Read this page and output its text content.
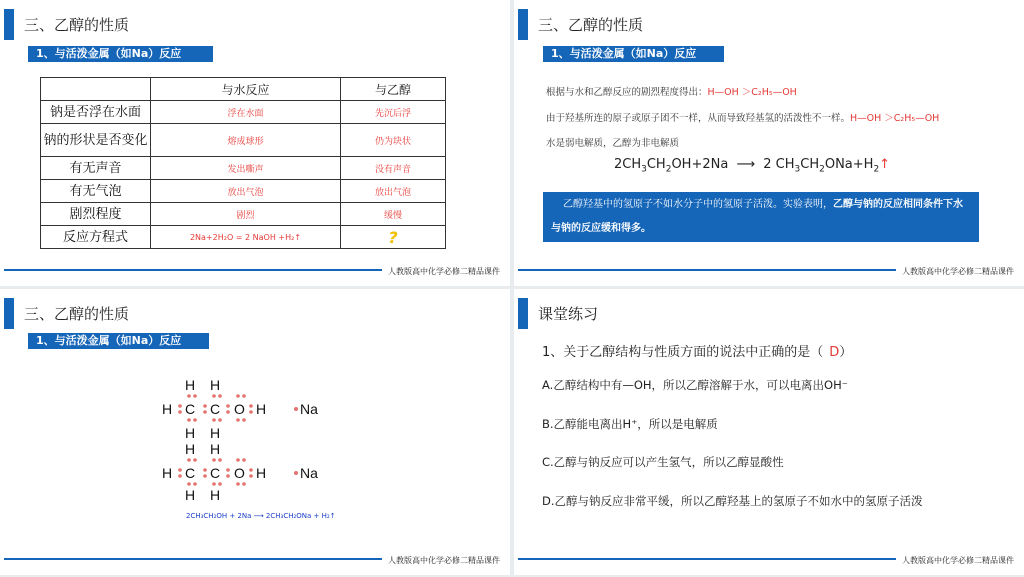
三、乙醇的性质
1、与活泼金属（如Na）反应
	与水反应	与乙醇
钠是否浮在水面	浮在水面	先沉后浮
钠的形状是否变化	熔成球形	仍为块状
有无声音	发出嘶声	没有声音
有无气泡	放出气泡	放出气泡
剧烈程度	剧烈	缓慢
反应方程式	2Na+2H₂O = 2 NaOH +H₂↑	?
人教版高中化学必修二精品课件
三、乙醇的性质
1、与活泼金属（如Na）反应
根据与水和乙醇反应的剧烈程度得出：H—OH ＞C₂H₅—OH
由于羟基所连的原子或原子团不一样，从而导致羟基氢的活泼性不一样。H—OH ＞C₂H₅—OH
水是弱电解质，乙醇为非电解质
$2CH_3CH_2OH+2Na$ ⟶ 2 $CH_3CH_2ONa+H_2↑$
乙醇羟基中的氢原子不如水分子中的氢原子活泼。实验表明，乙醇与钠的反应相同条件下水与钠的反应缓和得多。
人教版高中化学必修二精品课件
三、乙醇的性质
1、与活泼金属（如Na）反应
人教版高中化学必修二精品课件
H H
H C C O H
H H
Na
H H
H C C O H
H H
Na
2CH₃CH₂OH + 2Na ⟶ 2CH₃CH₂ONa + H₂↑
课堂练习
1、关于乙醇结构与性质方面的说法中正确的是（ D）
A.乙醇结构中有—OH，所以乙醇溶解于水，可以电离出OH⁻
B.乙醇能电离出H⁺，所以是电解质
C.乙醇与钠反应可以产生氢气，所以乙醇显酸性
D.乙醇与钠反应非常平缓，所以乙醇羟基上的氢原子不如水中的氢原子活泼
人教版高中化学必修二精品课件
